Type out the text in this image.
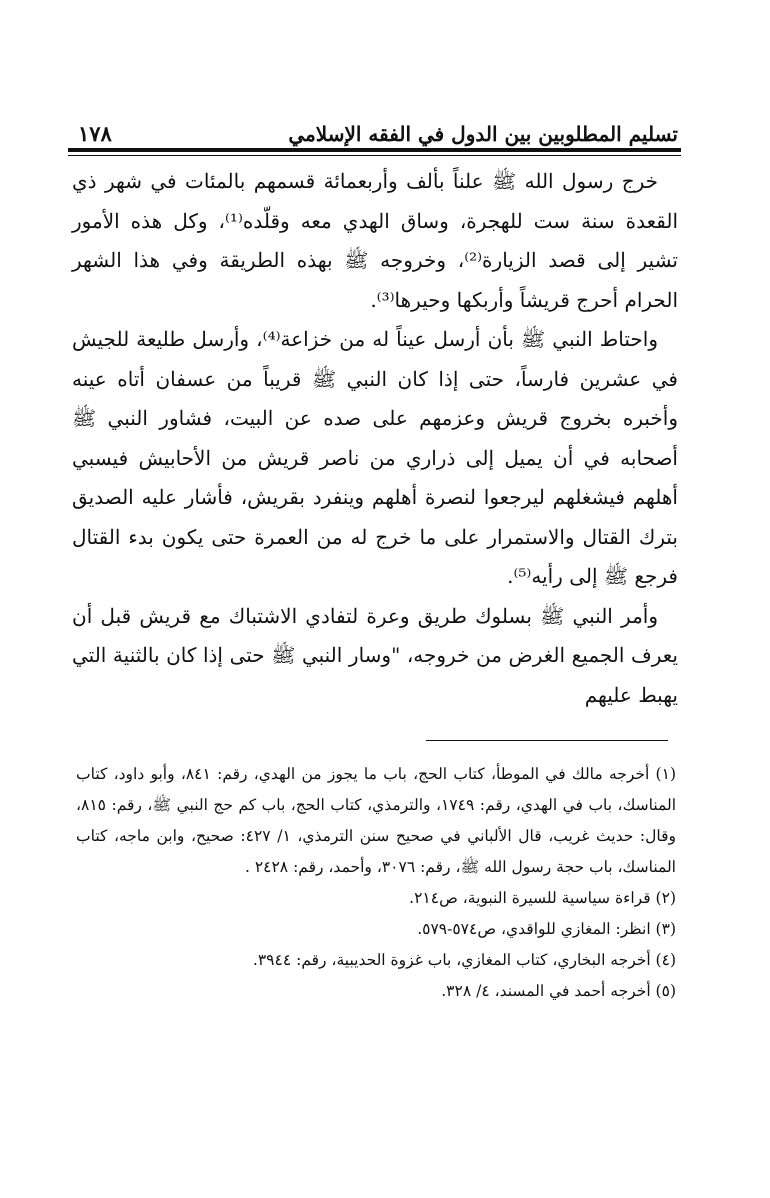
١٧٨	تسليم المطلوبين بين الدول في الفقه الإسلامي

خرج رسول الله ﷺ علناً بألف وأربعمائة قسمهم بالمئات في شهر ذي القعدة سنة ست للهجرة، وساق الهدي معه وقلّده⁽¹⁾، وكل هذه الأمور تشير إلى قصد الزيارة⁽²⁾، وخروجه ﷺ بهذه الطريقة وفي هذا الشهر الحرام أحرج قريشاً وأربكها وحيرها⁽³⁾.

واحتاط النبي ﷺ بأن أرسل عيناً له من خزاعة⁽⁴⁾، وأرسل طليعة للجيش في عشرين فارساً، حتى إذا كان النبي ﷺ قريباً من عسفان أتاه عينه وأخبره بخروج قريش وعزمهم على صده عن البيت، فشاور النبي ﷺ أصحابه في أن يميل إلى ذراري من ناصر قريش من الأحابيش فيسبي أهلهم فيشغلهم ليرجعوا لنصرة أهلهم وينفرد بقريش، فأشار عليه الصديق بترك القتال والاستمرار على ما خرج له من العمرة حتى يكون بدء القتال فرجع ﷺ إلى رأيه⁽⁵⁾.

وأمر النبي ﷺ بسلوك طريق وعرة لتفادي الاشتباك مع قريش قبل أن يعرف الجميع الغرض من خروجه، "وسار النبي ﷺ حتى إذا كان بالثنية التي يهبط عليهم

(١) أخرجه مالك في الموطأ، كتاب الحج، باب ما يجوز من الهدي، رقم: ٨٤١، وأبو داود، كتاب المناسك، باب في الهدي، رقم: ١٧٤٩، والترمذي، كتاب الحج، باب كم حج النبي ﷺ، رقم: ٨١٥، وقال: حديث غريب، قال الألباني في صحيح سنن الترمذي، ١/ ٤٢٧: صحيح، وابن ماجه، كتاب المناسك، باب حجة رسول الله ﷺ، رقم: ٣٠٧٦، وأحمد، رقم: ٢٤٢٨ .

(٢) قراءة سياسية للسيرة النبوية، ص٢١٤.

(٣) انظر: المغازي للواقدي، ص٥٧٤-٥٧٩.

(٤) أخرجه البخاري، كتاب المغازي، باب غزوة الحديبية، رقم: ٣٩٤٤.

(٥) أخرجه أحمد في المسند، ٤/ ٣٢٨.
